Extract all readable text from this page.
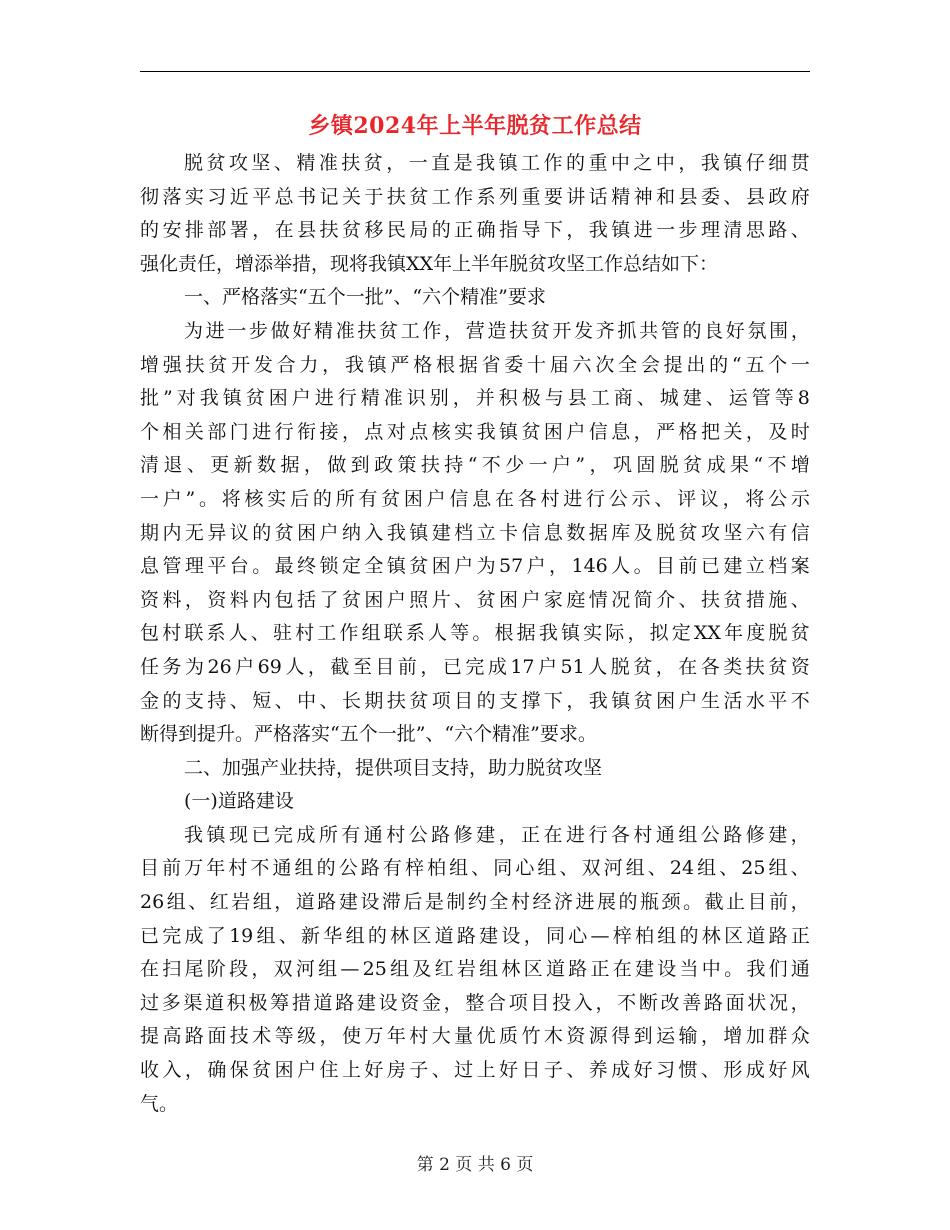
乡镇2024年上半年脱贫工作总结
脱 贫 攻 坚 、 精 准 扶 贫 ， 一 直 是 我 镇 工 作 的 重 中 之 中 ， 我 镇 仔 细 贯
彻 落 实 习 近 平 总 书 记 关 于 扶 贫 工 作 系 列 重 要 讲 话 精 神 和 县 委 、 县 政 府
的 安 排 部 署 ， 在 县 扶 贫 移 民 局 的 正 确 指 导 下 ， 我 镇 进 一 步 理 清 思 路 、
强化责任，增添举措，现将我镇XX年上半年脱贫攻坚工作总结如下：
一、严格落实“五个一批”、“六个精准”要求
为 进 一 步 做 好 精 准 扶 贫 工 作 ， 营 造 扶 贫 开 发 齐 抓 共 管 的 良 好 氛 围 ，
增 强 扶 贫 开 发 合 力 ， 我 镇 严 格 根 据 省 委 十 届 六 次 全 会 提 出 的 “ 五 个 一
批 ” 对 我 镇 贫 困 户 进 行 精 准 识 别 ， 并 积 极 与 县 工 商 、 城 建 、 运 管 等 8
个 相 关 部 门 进 行 衔 接 ， 点 对 点 核 实 我 镇 贫 困 户 信 息 ， 严 格 把 关 ， 及 时
清 退 、 更 新 数 据 ， 做 到 政 策 扶 持 “ 不 少 一 户 ” ， 巩 固 脱 贫 成 果 “ 不 增
一 户 ” 。 将 核 实 后 的 所 有 贫 困 户 信 息 在 各 村 进 行 公 示 、 评 议 ， 将 公 示
期 内 无 异 议 的 贫 困 户 纳 入 我 镇 建 档 立 卡 信 息 数 据 库 及 脱 贫 攻 坚 六 有 信
息 管 理 平 台 。 最 终 锁 定 全 镇 贫 困 户 为 57 户 ， 146 人 。 目 前 已 建 立 档 案
资 料 ， 资 料 内 包 括 了 贫 困 户 照 片 、 贫 困 户 家 庭 情 况 简 介 、 扶 贫 措 施 、
包 村 联 系 人 、 驻 村 工 作 组 联 系 人 等 。 根 据 我 镇 实 际 ， 拟 定 XX 年 度 脱 贫
任 务 为 26 户 69 人 ， 截 至 目 前 ， 已 完 成 17 户 51 人 脱 贫 ， 在 各 类 扶 贫 资
金 的 支 持 、 短 、 中 、 长 期 扶 贫 项 目 的 支 撑 下 ， 我 镇 贫 困 户 生 活 水 平 不
断得到提升。严格落实“五个一批”、“六个精准”要求。
二、加强产业扶持，提供项目支持，助力脱贫攻坚
(一)道路建设
我 镇 现 已 完 成 所 有 通 村 公 路 修 建 ， 正 在 进 行 各 村 通 组 公 路 修 建 ，
目 前 万 年 村 不 通 组 的 公 路 有 梓 柏 组 、 同 心 组 、 双 河 组 、 24 组 、 25 组 、
26 组 、 红 岩 组 ， 道 路 建 设 滞 后 是 制 约 全 村 经 济 进 展 的 瓶 颈 。 截 止 目 前 ，
已 完 成 了 19 组 、 新 华 组 的 林 区 道 路 建 设 ， 同 心 — 梓 柏 组 的 林 区 道 路 正
在 扫 尾 阶 段 ， 双 河 组 — 25 组 及 红 岩 组 林 区 道 路 正 在 建 设 当 中 。 我 们 通
过 多 渠 道 积 极 筹 措 道 路 建 设 资 金 ， 整 合 项 目 投 入 ， 不 断 改 善 路 面 状 况 ，
提 高 路 面 技 术 等 级 ， 使 万 年 村 大 量 优 质 竹 木 资 源 得 到 运 输 ， 增 加 群 众
收 入 ， 确 保 贫 困 户 住 上 好 房 子 、 过 上 好 日 子 、 养 成 好 习 惯 、 形 成 好 风
气。
第 2 页 共 6 页
